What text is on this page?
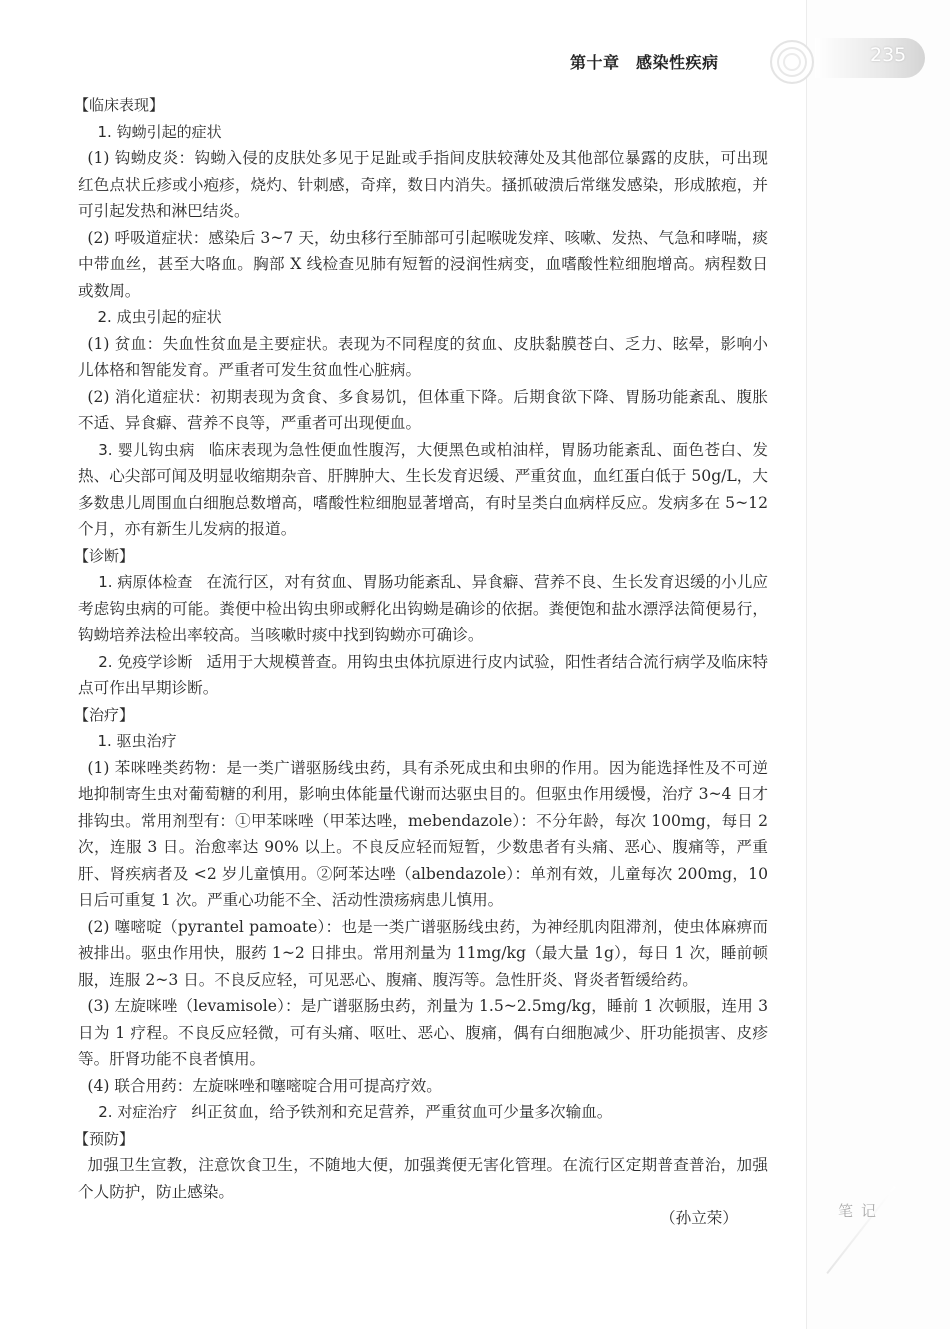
235
第十章　感染性疾病

【临床表现】

1. 钩蚴引起的症状

(1) 钩蚴皮炎：钩蚴入侵的皮肤处多见于足趾或手指间皮肤较薄处及其他部位暴露的皮肤，可出现红色点状丘疹或小疱疹，烧灼、针刺感，奇痒，数日内消失。搔抓破溃后常继发感染，形成脓疱，并可引起发热和淋巴结炎。

(2) 呼吸道症状：感染后 3~7 天，幼虫移行至肺部可引起喉咙发痒、咳嗽、发热、气急和哮喘，痰中带血丝，甚至大咯血。胸部 X 线检查见肺有短暂的浸润性病变，血嗜酸性粒细胞增高。病程数日或数周。

2. 成虫引起的症状

(1) 贫血：失血性贫血是主要症状。表现为不同程度的贫血、皮肤黏膜苍白、乏力、眩晕，影响小儿体格和智能发育。严重者可发生贫血性心脏病。

(2) 消化道症状：初期表现为贪食、多食易饥，但体重下降。后期食欲下降、胃肠功能紊乱、腹胀不适、异食癖、营养不良等，严重者可出现便血。

3. 婴儿钩虫病 临床表现为急性便血性腹泻，大便黑色或柏油样，胃肠功能紊乱、面色苍白、发热、心尖部可闻及明显收缩期杂音、肝脾肿大、生长发育迟缓、严重贫血，血红蛋白低于 50g/L，大多数患儿周围血白细胞总数增高，嗜酸性粒细胞显著增高，有时呈类白血病样反应。发病多在 5~12 个月，亦有新生儿发病的报道。

【诊断】

1. 病原体检查 在流行区，对有贫血、胃肠功能紊乱、异食癖、营养不良、生长发育迟缓的小儿应考虑钩虫病的可能。粪便中检出钩虫卵或孵化出钩蚴是确诊的依据。粪便饱和盐水漂浮法简便易行，钩蚴培养法检出率较高。当咳嗽时痰中找到钩蚴亦可确诊。

2. 免疫学诊断 适用于大规模普查。用钩虫虫体抗原进行皮内试验，阳性者结合流行病学及临床特点可作出早期诊断。

【治疗】

1. 驱虫治疗

(1) 苯咪唑类药物：是一类广谱驱肠线虫药，具有杀死成虫和虫卵的作用。因为能选择性及不可逆地抑制寄生虫对葡萄糖的利用，影响虫体能量代谢而达驱虫目的。但驱虫作用缓慢，治疗 3~4 日才排钩虫。常用剂型有：①甲苯咪唑（甲苯达唑，mebendazole）：不分年龄，每次 100mg，每日 2 次，连服 3 日。治愈率达 90% 以上。不良反应轻而短暂，少数患者有头痛、恶心、腹痛等，严重肝、肾疾病者及 <2 岁儿童慎用。②阿苯达唑（albendazole）：单剂有效，儿童每次 200mg，10 日后可重复 1 次。严重心功能不全、活动性溃疡病患儿慎用。

(2) 噻嘧啶（pyrantel pamoate）：也是一类广谱驱肠线虫药，为神经肌肉阻滞剂，使虫体麻痹而被排出。驱虫作用快，服药 1~2 日排虫。常用剂量为 11mg/kg（最大量 1g），每日 1 次，睡前顿服，连服 2~3 日。不良反应轻，可见恶心、腹痛、腹泻等。急性肝炎、肾炎者暂缓给药。

(3) 左旋咪唑（levamisole）：是广谱驱肠虫药，剂量为 1.5~2.5mg/kg，睡前 1 次顿服，连用 3 日为 1 疗程。不良反应轻微，可有头痛、呕吐、恶心、腹痛，偶有白细胞减少、肝功能损害、皮疹等。肝肾功能不良者慎用。

(4) 联合用药：左旋咪唑和噻嘧啶合用可提高疗效。

2. 对症治疗 纠正贫血，给予铁剂和充足营养，严重贫血可少量多次输血。

【预防】

加强卫生宣教，注意饮食卫生，不随地大便，加强粪便无害化管理。在流行区定期普查普治，加强个人防护，防止感染。

（孙立荣）	笔记
